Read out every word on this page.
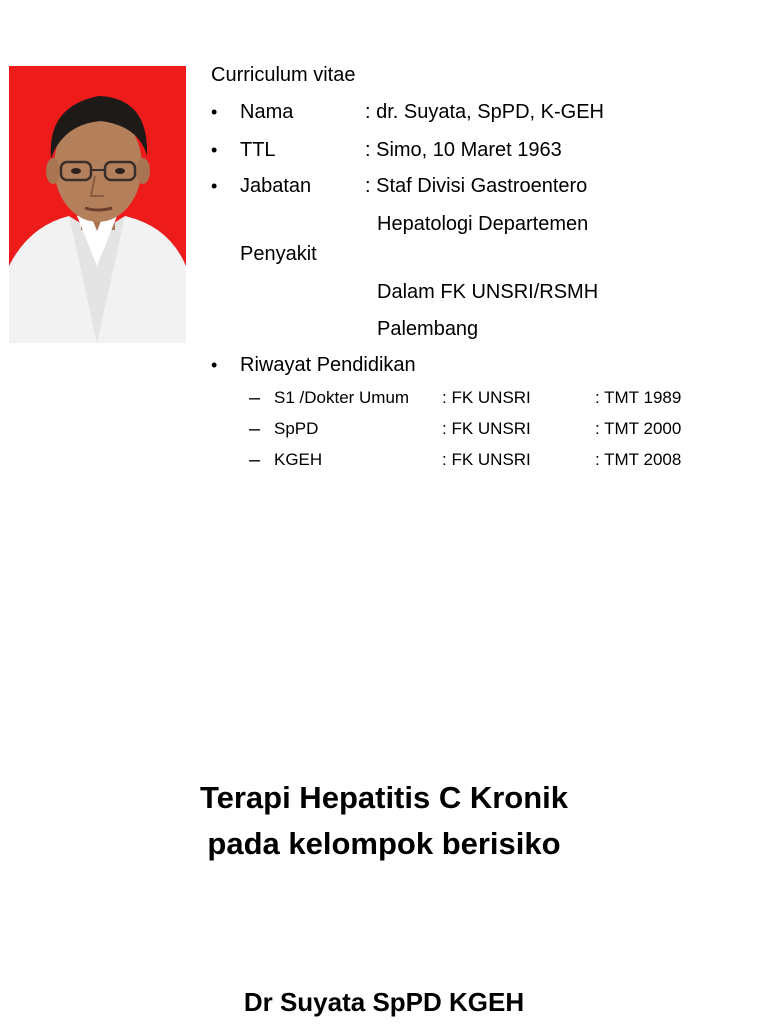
Curriculum vitae
• Nama	: dr. Suyata, SpPD, K-GEH
• TTL	: Simo, 10 Maret 1963
• Jabatan	: Staf Divisi Gastroentero
Hepatologi Departemen
Penyakit
Dalam FK UNSRI/RSMH
Palembang
• Riwayat Pendidikan
– S1 /Dokter Umum : FK UNSRI	: TMT 1989
– SpPD	: FK UNSRI	: TMT 2000
– KGEH	: FK UNSRI	: TMT 2008
Terapi Hepatitis C Kronik
pada kelompok berisiko
Dr Suyata SpPD KGEH
